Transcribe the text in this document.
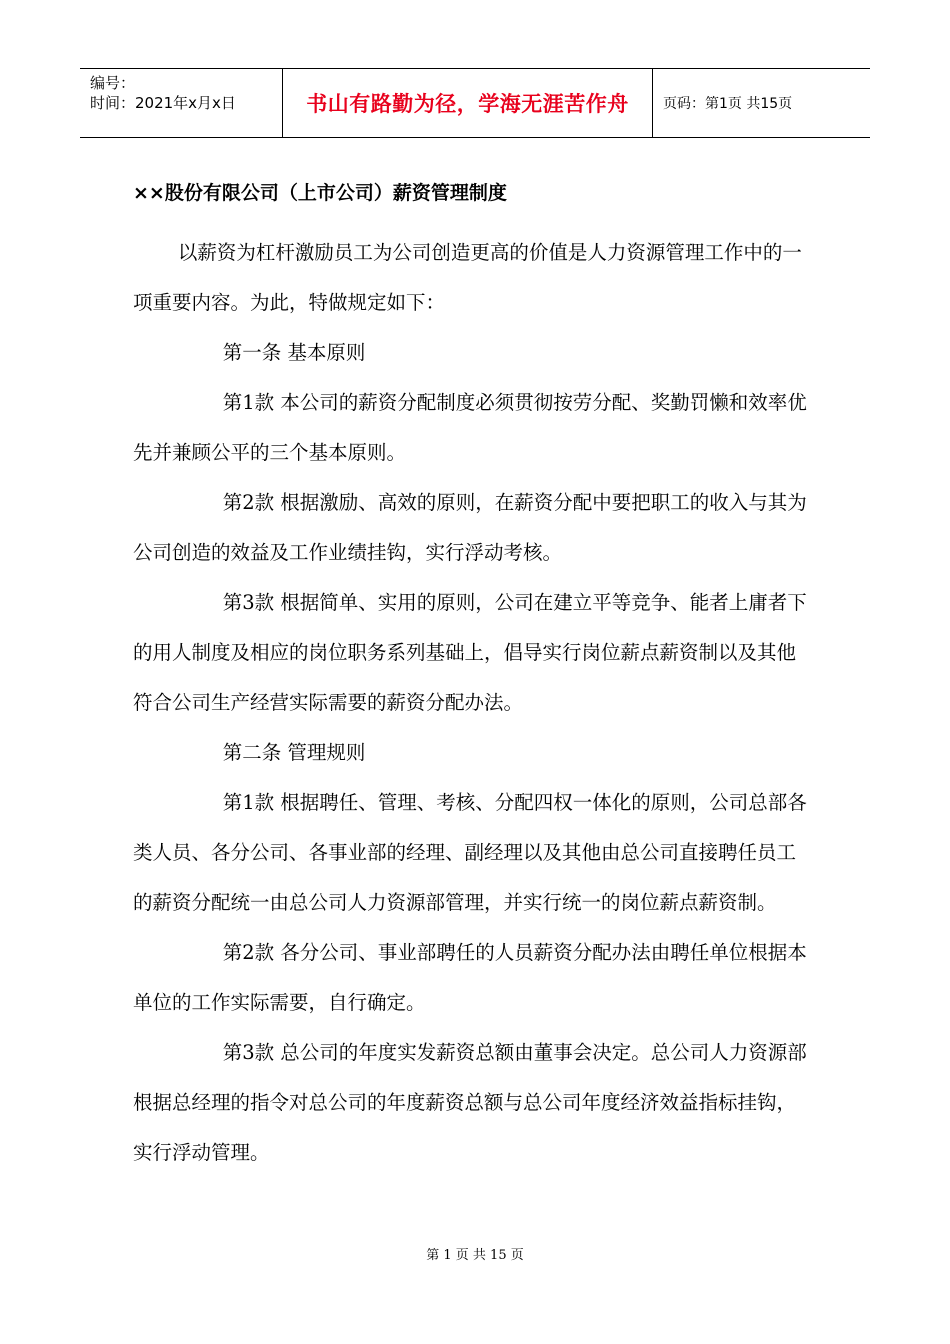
编号：
时间：2021年x月x日	书山有路勤为径，学海无涯苦作舟	页码：第1页 共15页
××股份有限公司（上市公司）薪资管理制度

以薪资为杠杆激励员工为公司创造更高的价值是人力资源管理工作中的一项重要内容。为此，特做规定如下：

第一条 基本原则

第1款 本公司的薪资分配制度必须贯彻按劳分配、奖勤罚懒和效率优先并兼顾公平的三个基本原则。

第2款 根据激励、高效的原则，在薪资分配中要把职工的收入与其为公司创造的效益及工作业绩挂钩，实行浮动考核。

第3款 根据简单、实用的原则，公司在建立平等竞争、能者上庸者下的用人制度及相应的岗位职务系列基础上，倡导实行岗位薪点薪资制以及其他符合公司生产经营实际需要的薪资分配办法。

第二条 管理规则

第1款 根据聘任、管理、考核、分配四权一体化的原则，公司总部各类人员、各分公司、各事业部的经理、副经理以及其他由总公司直接聘任员工的薪资分配统一由总公司人力资源部管理，并实行统一的岗位薪点薪资制。

第2款 各分公司、事业部聘任的人员薪资分配办法由聘任单位根据本单位的工作实际需要，自行确定。

第3款 总公司的年度实发薪资总额由董事会决定。总公司人力资源部根据总经理的指令对总公司的年度薪资总额与总公司年度经济效益指标挂钩，实行浮动管理。

第 1 页 共 15 页
